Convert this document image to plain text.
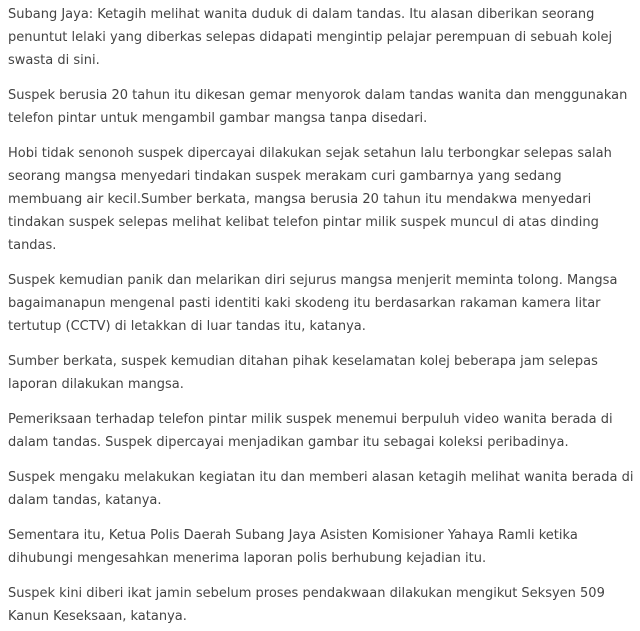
Subang Jaya: Ketagih melihat wanita duduk di dalam tandas. Itu alasan diberikan seorang penuntut lelaki yang diberkas selepas didapati mengintip pelajar perempuan di sebuah kolej swasta di sini.

Suspek berusia 20 tahun itu dikesan gemar menyorok dalam tandas wanita dan menggunakan telefon pintar untuk mengambil gambar mangsa tanpa disedari.

Hobi tidak senonoh suspek dipercayai dilakukan sejak setahun lalu terbongkar selepas salah seorang mangsa menyedari tindakan suspek merakam curi gambarnya yang sedang membuang air kecil.Sumber berkata, mangsa berusia 20 tahun itu mendakwa menyedari tindakan suspek selepas melihat kelibat telefon pintar milik suspek muncul di atas dinding tandas.

Suspek kemudian panik dan melarikan diri sejurus mangsa menjerit meminta tolong. Mangsa bagaimanapun mengenal pasti identiti kaki skodeng itu berdasarkan rakaman kamera litar tertutup (CCTV) di letakkan di luar tandas itu, katanya.

Sumber berkata, suspek kemudian ditahan pihak keselamatan kolej beberapa jam selepas laporan dilakukan mangsa.

Pemeriksaan terhadap telefon pintar milik suspek menemui berpuluh video wanita berada di dalam tandas. Suspek dipercayai menjadikan gambar itu sebagai koleksi peribadinya.

Suspek mengaku melakukan kegiatan itu dan memberi alasan ketagih melihat wanita berada di dalam tandas, katanya.

Sementara itu, Ketua Polis Daerah Subang Jaya Asisten Komisioner Yahaya Ramli ketika dihubungi mengesahkan menerima laporan polis berhubung kejadian itu.

Suspek kini diberi ikat jamin sebelum proses pendakwaan dilakukan mengikut Seksyen 509 Kanun Keseksaan, katanya.
